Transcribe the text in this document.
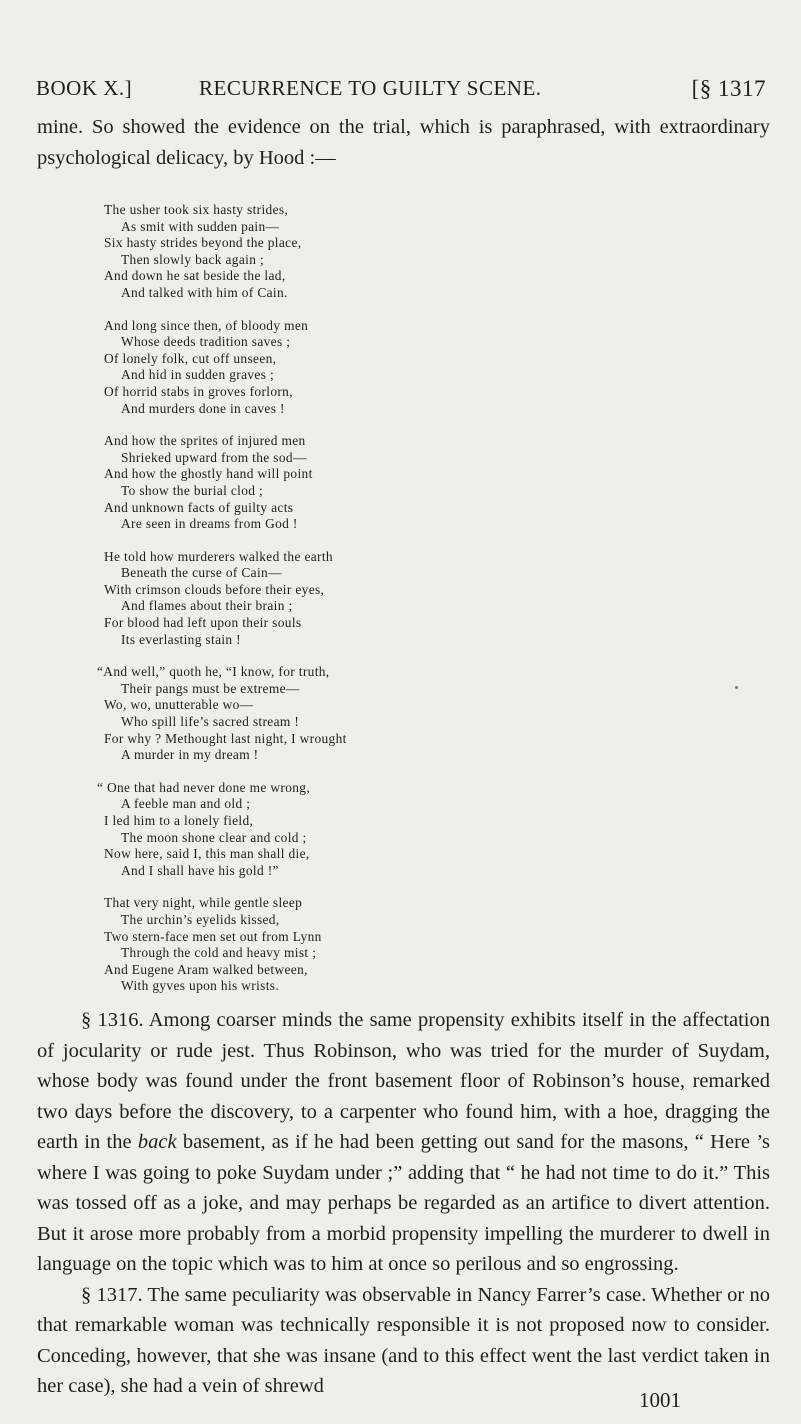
BOOK X.]	RECURRENCE TO GUILTY SCENE.	[§ 1317

mine. So showed the evidence on the trial, which is paraphrased, with extraordinary psychological delicacy, by Hood :—

The usher took six hasty strides,
As smit with sudden pain—
Six hasty strides beyond the place,
Then slowly back again ;
And down he sat beside the lad,
And talked with him of Cain.
And long since then, of bloody men
Whose deeds tradition saves ;
Of lonely folk, cut off unseen,
And hid in sudden graves ;
Of horrid stabs in groves forlorn,
And murders done in caves !
And how the sprites of injured men
Shrieked upward from the sod—
And how the ghostly hand will point
To show the burial clod ;
And unknown facts of guilty acts
Are seen in dreams from God !
He told how murderers walked the earth
Beneath the curse of Cain—
With crimson clouds before their eyes,
And flames about their brain ;
For blood had left upon their souls
Its everlasting stain !
“And well,” quoth he, “I know, for truth,
Their pangs must be extreme—
Wo, wo, unutterable wo—
Who spill life’s sacred stream !
For why ? Methought last night, I wrought
A murder in my dream !
“ One that had never done me wrong,
A feeble man and old ;
I led him to a lonely field,
The moon shone clear and cold ;
Now here, said I, this man shall die,
And I shall have his gold !”
That very night, while gentle sleep
The urchin’s eyelids kissed,
Two stern-face men set out from Lynn
Through the cold and heavy mist ;
And Eugene Aram walked between,
With gyves upon his wrists.

§ 1316. Among coarser minds the same propensity exhibits itself in the affectation of jocularity or rude jest. Thus Robinson, who was tried for the murder of Suydam, whose body was found under the front basement floor of Robinson’s house, remarked two days before the discovery, to a carpenter who found him, with a hoe, dragging the earth in the back basement, as if he had been getting out sand for the masons, “ Here ’s where I was going to poke Suydam under ;” adding that “ he had not time to do it.” This was tossed off as a joke, and may perhaps be regarded as an artifice to divert attention. But it arose more probably from a morbid propensity impelling the murderer to dwell in language on the topic which was to him at once so perilous and so engrossing.

§ 1317. The same peculiarity was observable in Nancy Farrer’s case. Whether or no that remarkable woman was technically responsible it is not proposed now to consider. Conceding, however, that she was insane (and to this effect went the last verdict taken in her case), she had a vein of shrewd

1001
